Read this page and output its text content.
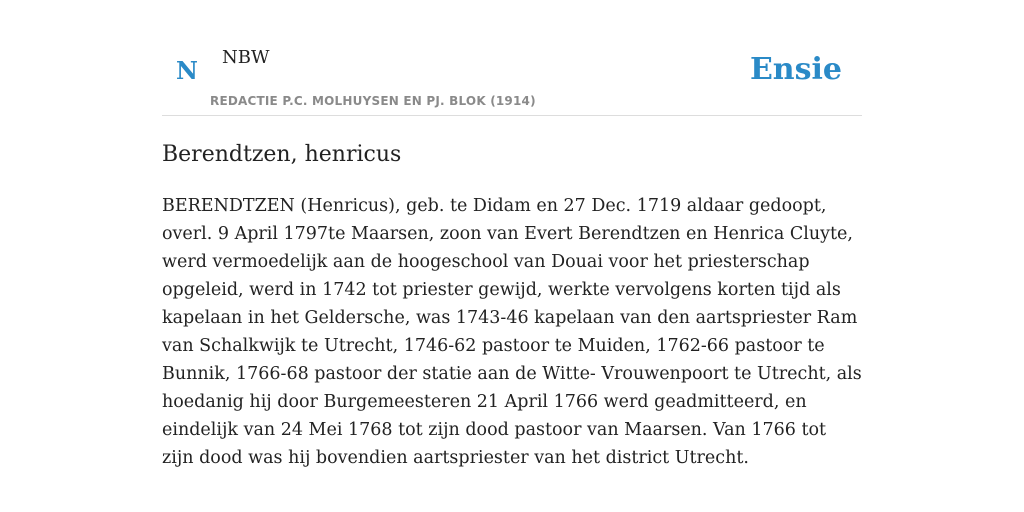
N NBW
REDACTIE P.C. MOLHUYSEN EN PJ. BLOK (1914)
Ensie
Berendtzen, henricus

BERENDTZEN (Henricus), geb. te Didam en 27 Dec. 1719 aldaar gedoopt, overl. 9 April 1797te Maarsen, zoon van Evert Berendtzen en Henrica Cluyte, werd vermoedelijk aan de hoogeschool van Douai voor het priesterschap opgeleid, werd in 1742 tot priester gewijd, werkte vervolgens korten tijd als kapelaan in het Geldersche, was 1743-46 kapelaan van den aartspriester Ram van Schalkwijk te Utrecht, 1746-62 pastoor te Muiden, 1762-66 pastoor te Bunnik, 1766-68 pastoor der statie aan de Witte- Vrouwenpoort te Utrecht, als hoedanig hij door Burgemeesteren 21 April 1766 werd geadmitteerd, en eindelijk van 24 Mei 1768 tot zijn dood pastoor van Maarsen. Van 1766 tot zijn dood was hij bovendien aartspriester van het district Utrecht.
